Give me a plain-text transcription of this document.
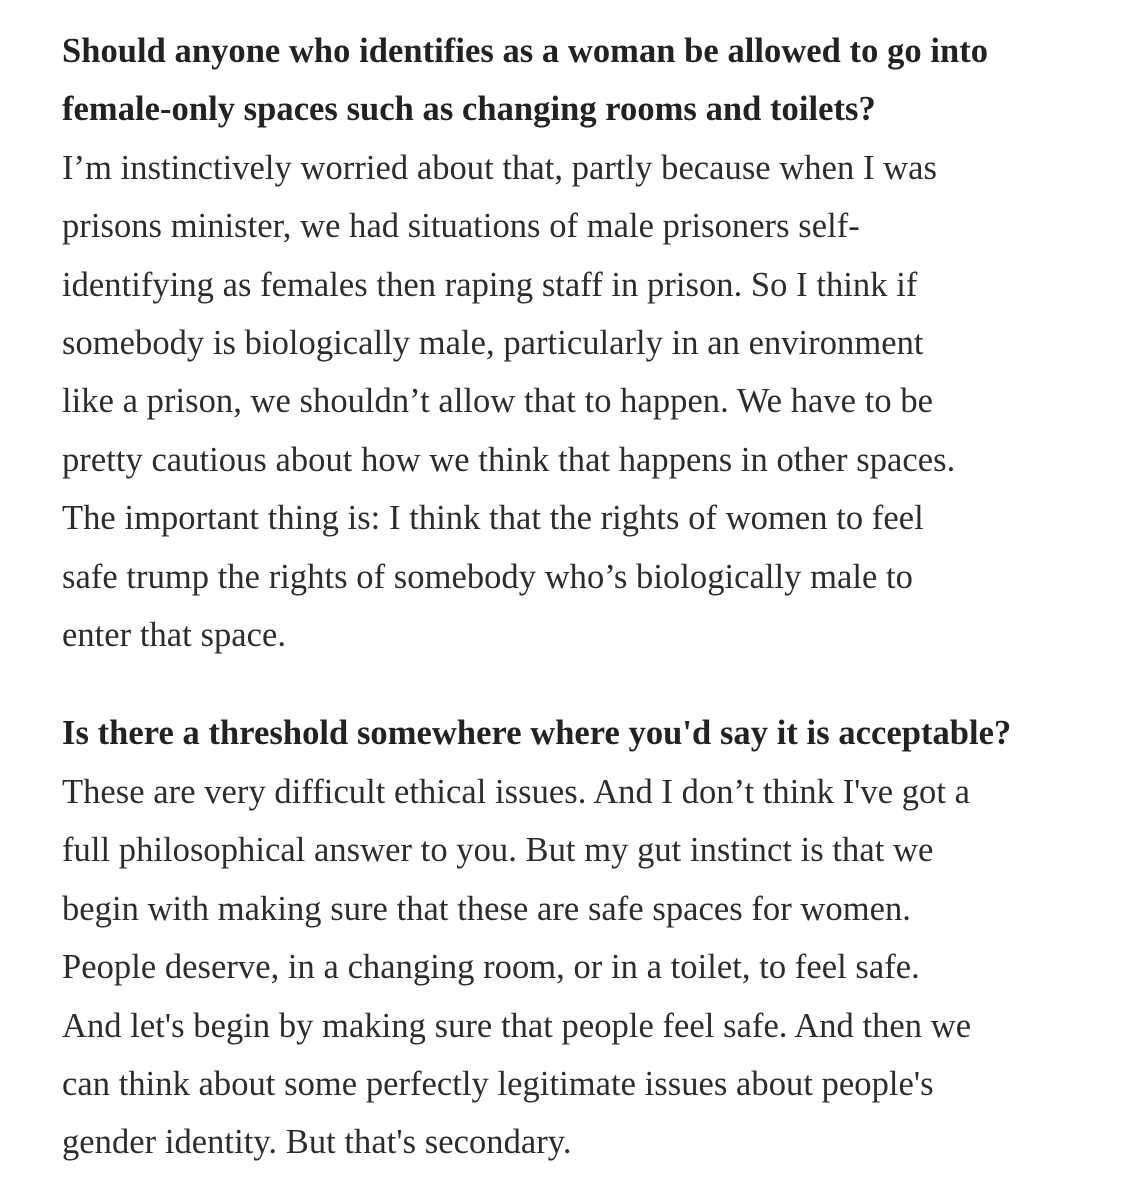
Should anyone who identifies as a woman be allowed to go into
female-only spaces such as changing rooms and toilets?

I’m instinctively worried about that, partly because when I was
prisons minister, we had situations of male prisoners self-
identifying as females then raping staff in prison. So I think if
somebody is biologically male, particularly in an environment
like a prison, we shouldn’t allow that to happen. We have to be
pretty cautious about how we think that happens in other spaces.
The important thing is: I think that the rights of women to feel
safe trump the rights of somebody who’s biologically male to
enter that space.

Is there a threshold somewhere where you'd say it is acceptable?

These are very difficult ethical issues. And I don’t think I've got a
full philosophical answer to you. But my gut instinct is that we
begin with making sure that these are safe spaces for women.
People deserve, in a changing room, or in a toilet, to feel safe.
And let's begin by making sure that people feel safe. And then we
can think about some perfectly legitimate issues about people's
gender identity. But that's secondary.
